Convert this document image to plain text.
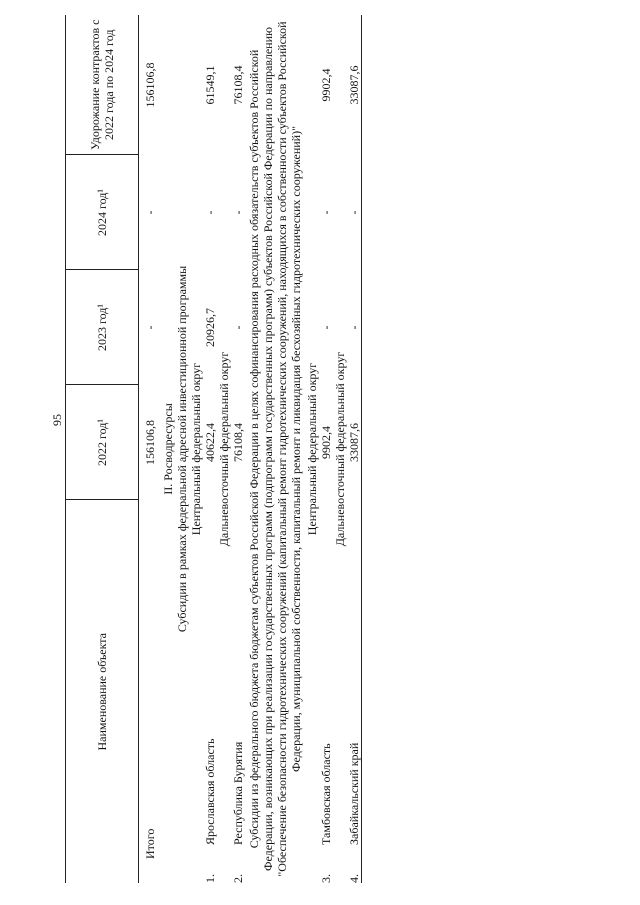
95
Наименование объекта	2022 год¹	2023 год¹	2024 год¹	Удорожание контрактов с 2022 года по 2024 год

Итого	156106,8	-	-	156106,8

II. Росводресурсы				
Субсидии в рамках федеральной адресной инвестиционной программы				
Центральный федеральный округ				
1.Ярославская область	40622,4	20926,7	-	61549,1
Дальневосточный федеральный округ				
2.Республика Бурятия	76108,4	-	-	76108,4
Субсидии из федерального бюджета бюджетам субъектов Российской Федерации в целях софинансирования расходных обязательств субъектов Российской Федерации, возникающих при реализации государственных программ (подпрограмм государственных программ) субъектов Российской Федерации по направлению "Обеспечение безопасности гидротехнических сооружений (капитальный ремонт гидротехнических сооружений, находящихся в собственности субъектов Российской Федерации, муниципальной собственности, капитальный ремонт и ликвидация бесхозяйных гидротехнических сооружений)"				
Центральный федеральный округ				
3.Тамбовская область	9902,4	-	-	9902,4
Дальневосточный федеральный округ				
4.Забайкальский край	33087,6	-	-	33087,6
